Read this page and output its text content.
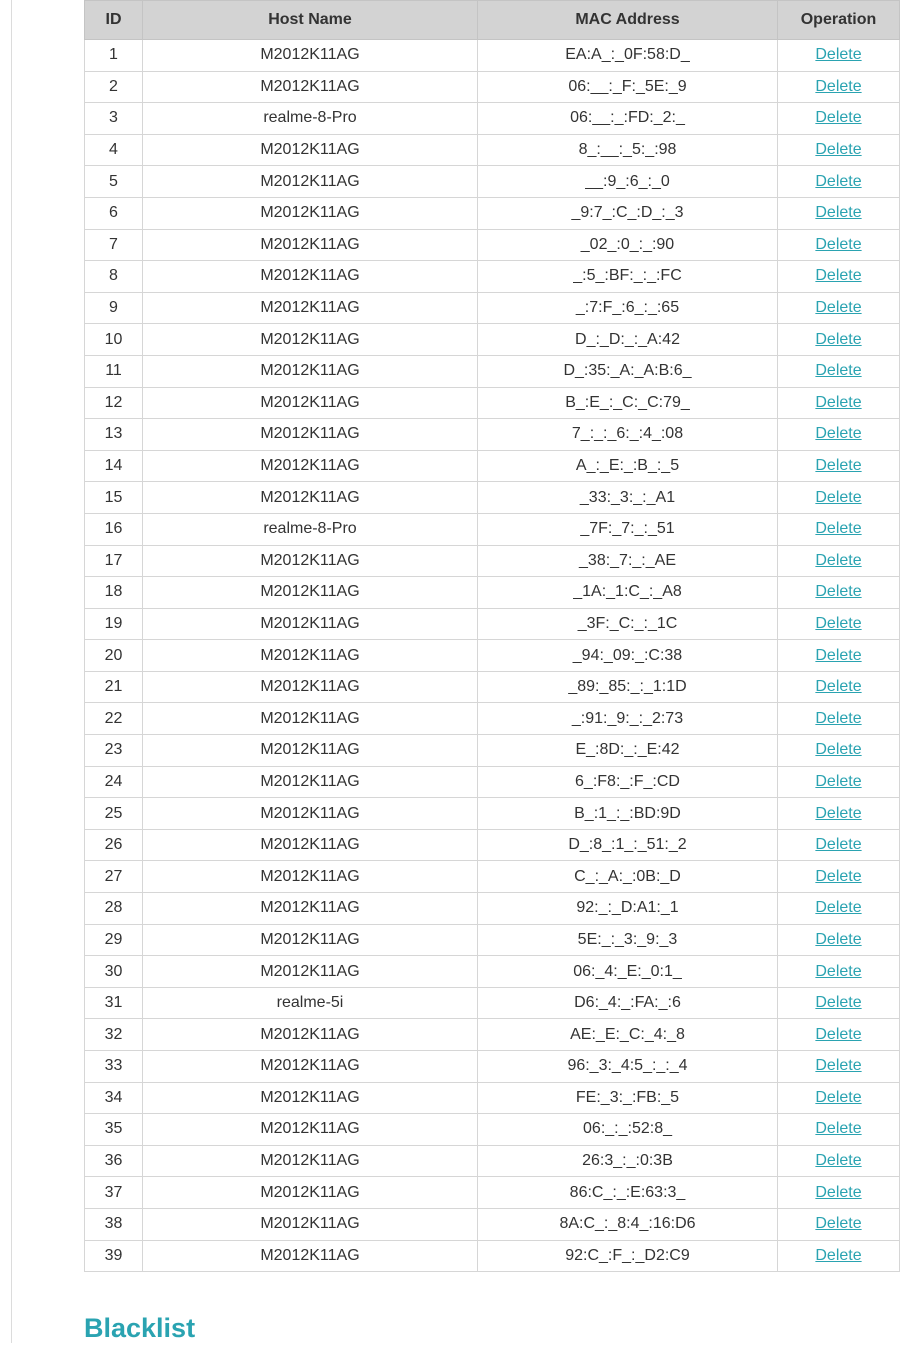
ID	Host Name	MAC Address	Operation
1	M2012K11AG	EA:A_:_0F:58:D_	Delete
2	M2012K11AG	06:__:_F:_5E:_9	Delete
3	realme-8-Pro	06:__:_:FD:_2:_	Delete
4	M2012K11AG	8_:__:_5:_:98	Delete
5	M2012K11AG	__:9_:6_:_0	Delete
6	M2012K11AG	_9:7_:C_:D_:_3	Delete
7	M2012K11AG	_02_:0_:_:90	Delete
8	M2012K11AG	_:5_:BF:_:_:FC	Delete
9	M2012K11AG	_:7:F_:6_:_:65	Delete
10	M2012K11AG	D_:_D:_:_A:42	Delete
11	M2012K11AG	D_:35:_A:_A:B:6_	Delete
12	M2012K11AG	B_:E_:_C:_C:79_	Delete
13	M2012K11AG	7_:_:_6:_:4_:08	Delete
14	M2012K11AG	A_:_E:_:B_:_5	Delete
15	M2012K11AG	_33:_3:_:_A1	Delete
16	realme-8-Pro	_7F:_7:_:_51	Delete
17	M2012K11AG	_38:_7:_:_AE	Delete
18	M2012K11AG	_1A:_1:C_:_A8	Delete
19	M2012K11AG	_3F:_C:_:_1C	Delete
20	M2012K11AG	_94:_09:_:C:38	Delete
21	M2012K11AG	_89:_85:_:_1:1D	Delete
22	M2012K11AG	_:91:_9:_:_2:73	Delete
23	M2012K11AG	E_:8D:_:_E:42	Delete
24	M2012K11AG	6_:F8:_:F_:CD	Delete
25	M2012K11AG	B_:1_:_:BD:9D	Delete
26	M2012K11AG	D_:8_:1_:_51:_2	Delete
27	M2012K11AG	C_:_A:_:0B:_D	Delete
28	M2012K11AG	92:_:_D:A1:_1	Delete
29	M2012K11AG	5E:_:_3:_9:_3	Delete
30	M2012K11AG	06:_4:_E:_0:1_	Delete
31	realme-5i	D6:_4:_:FA:_:6	Delete
32	M2012K11AG	AE:_E:_C:_4:_8	Delete
33	M2012K11AG	96:_3:_4:5_:_:_4	Delete
34	M2012K11AG	FE:_3:_:FB:_5	Delete
35	M2012K11AG	06:_:_:52:8_	Delete
36	M2012K11AG	26:3_:_:0:3B	Delete
37	M2012K11AG	86:C_:_:E:63:3_	Delete
38	M2012K11AG	8A:C_:_8:4_:16:D6	Delete
39	M2012K11AG	92:C_:F_:_D2:C9	Delete
Blacklist
